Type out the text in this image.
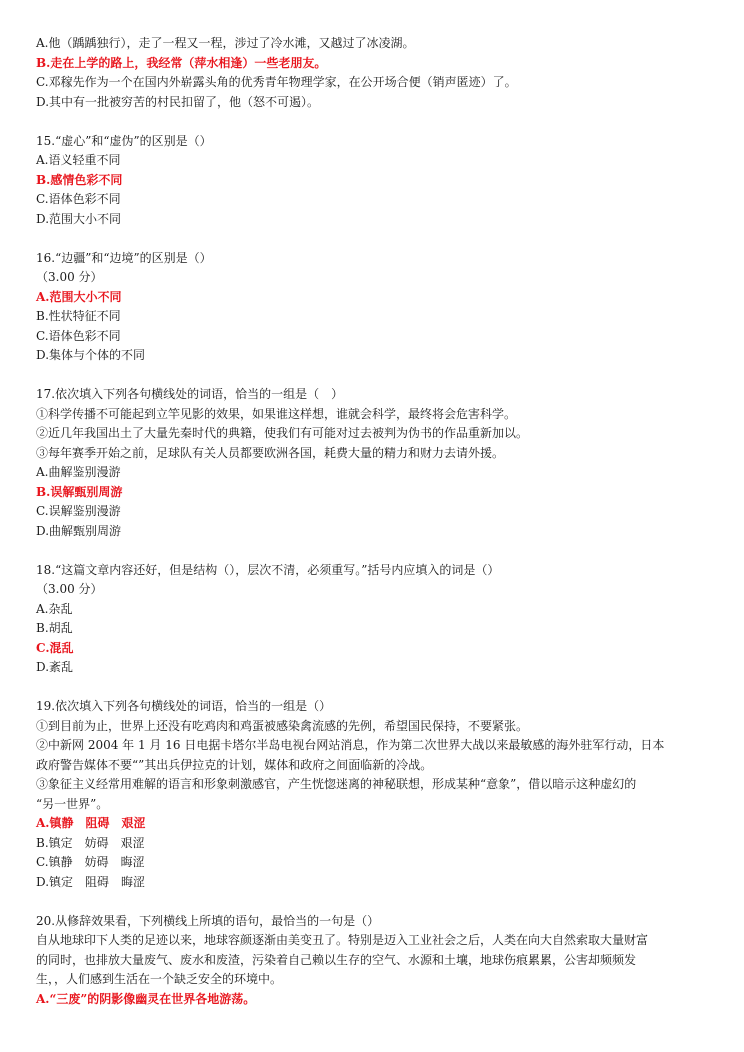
A.他（踽踽独行），走了一程又一程，涉过了冷水滩，又越过了冰凌湖。
B.走在上学的路上，我经常（萍水相逢）一些老朋友。
C.邓稼先作为一个在国内外崭露头角的优秀青年物理学家，在公开场合便（销声匿迹）了。
D.其中有一批被穷苦的村民扣留了，他（怒不可遏）。
15.“虚心”和“虚伪”的区别是（）
A.语义轻重不同
B.感情色彩不同
C.语体色彩不同
D.范围大小不同
16.“边疆”和“边境”的区别是（）
（3.00 分）
A.范围大小不同
B.性状特征不同
C.语体色彩不同
D.集体与个体的不同
17.依次填入下列各句横线处的词语，恰当的一组是（　）
①科学传播不可能起到立竿见影的效果，如果谁这样想，谁就会科学，最终将会危害科学。
②近几年我国出土了大量先秦时代的典籍，使我们有可能对过去被判为伪书的作品重新加以。
③每年赛季开始之前，足球队有关人员都要欧洲各国，耗费大量的精力和财力去请外援。
A.曲解鉴别漫游
B.误解甄别周游
C.误解鉴别漫游
D.曲解甄别周游
18.“这篇文章内容还好，但是结构（），层次不清，必须重写。”括号内应填入的词是（）
（3.00 分）
A.杂乱
B.胡乱
C.混乱
D.紊乱
19.依次填入下列各句横线处的词语，恰当的一组是（）
①到目前为止，世界上还没有吃鸡肉和鸡蛋被感染禽流感的先例，希望国民保持，不要紧张。
②中新网 2004 年 1 月 16 日电据卡塔尔半岛电视台网站消息，作为第二次世界大战以来最敏感的海外驻军行动，日本
政府警告媒体不要“”其出兵伊拉克的计划，媒体和政府之间面临新的冷战。
③象征主义经常用难解的语言和形象刺激感官，产生恍惚迷离的神秘联想，形成某种“意象”，借以暗示这种虚幻的
“另一世界”。
A.镇静　阻碍　艰涩
B.镇定　妨碍　艰涩
C.镇静　妨碍　晦涩
D.镇定　阻碍　晦涩
20.从修辞效果看，下列横线上所填的语句，最恰当的一句是（）
自从地球印下人类的足迹以来，地球容颜逐渐由美变丑了。特别是迈入工业社会之后，人类在向大自然索取大量财富
的同时，也排放大量废气、废水和废渣，污染着自己赖以生存的空气、水源和土壤，地球伤痕累累，公害却频频发
生，，人们感到生活在一个缺乏安全的环境中。
A.“三废”的阴影像幽灵在世界各地游荡。
